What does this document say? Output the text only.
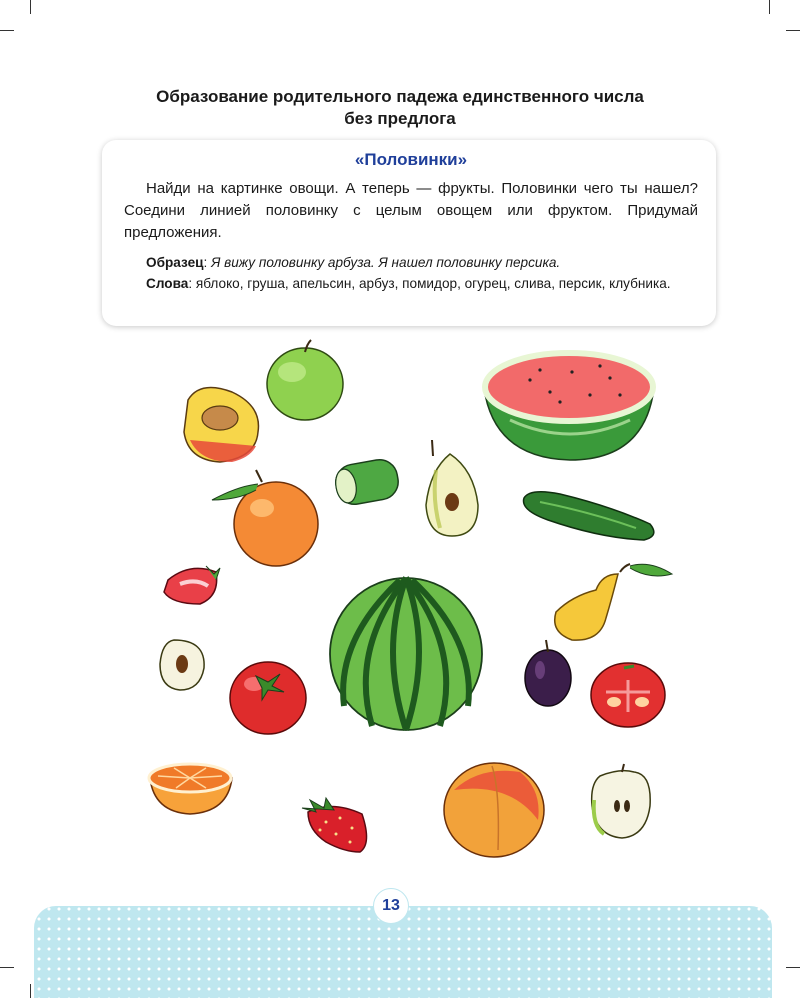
Образование родительного падежа единственного числа
без предлога
«Половинки»

Найди на картинке овощи. А теперь — фрукты. Половинки чего ты нашел? Соедини линией половинку с целым овощем или фруктом. Придумай предложения.

Образец: Я вижу половинку арбуза. Я нашел половинку персика.

Слова: яблоко, груша, апельсин, арбуз, помидор, огурец, слива, персик, клубника.

13
